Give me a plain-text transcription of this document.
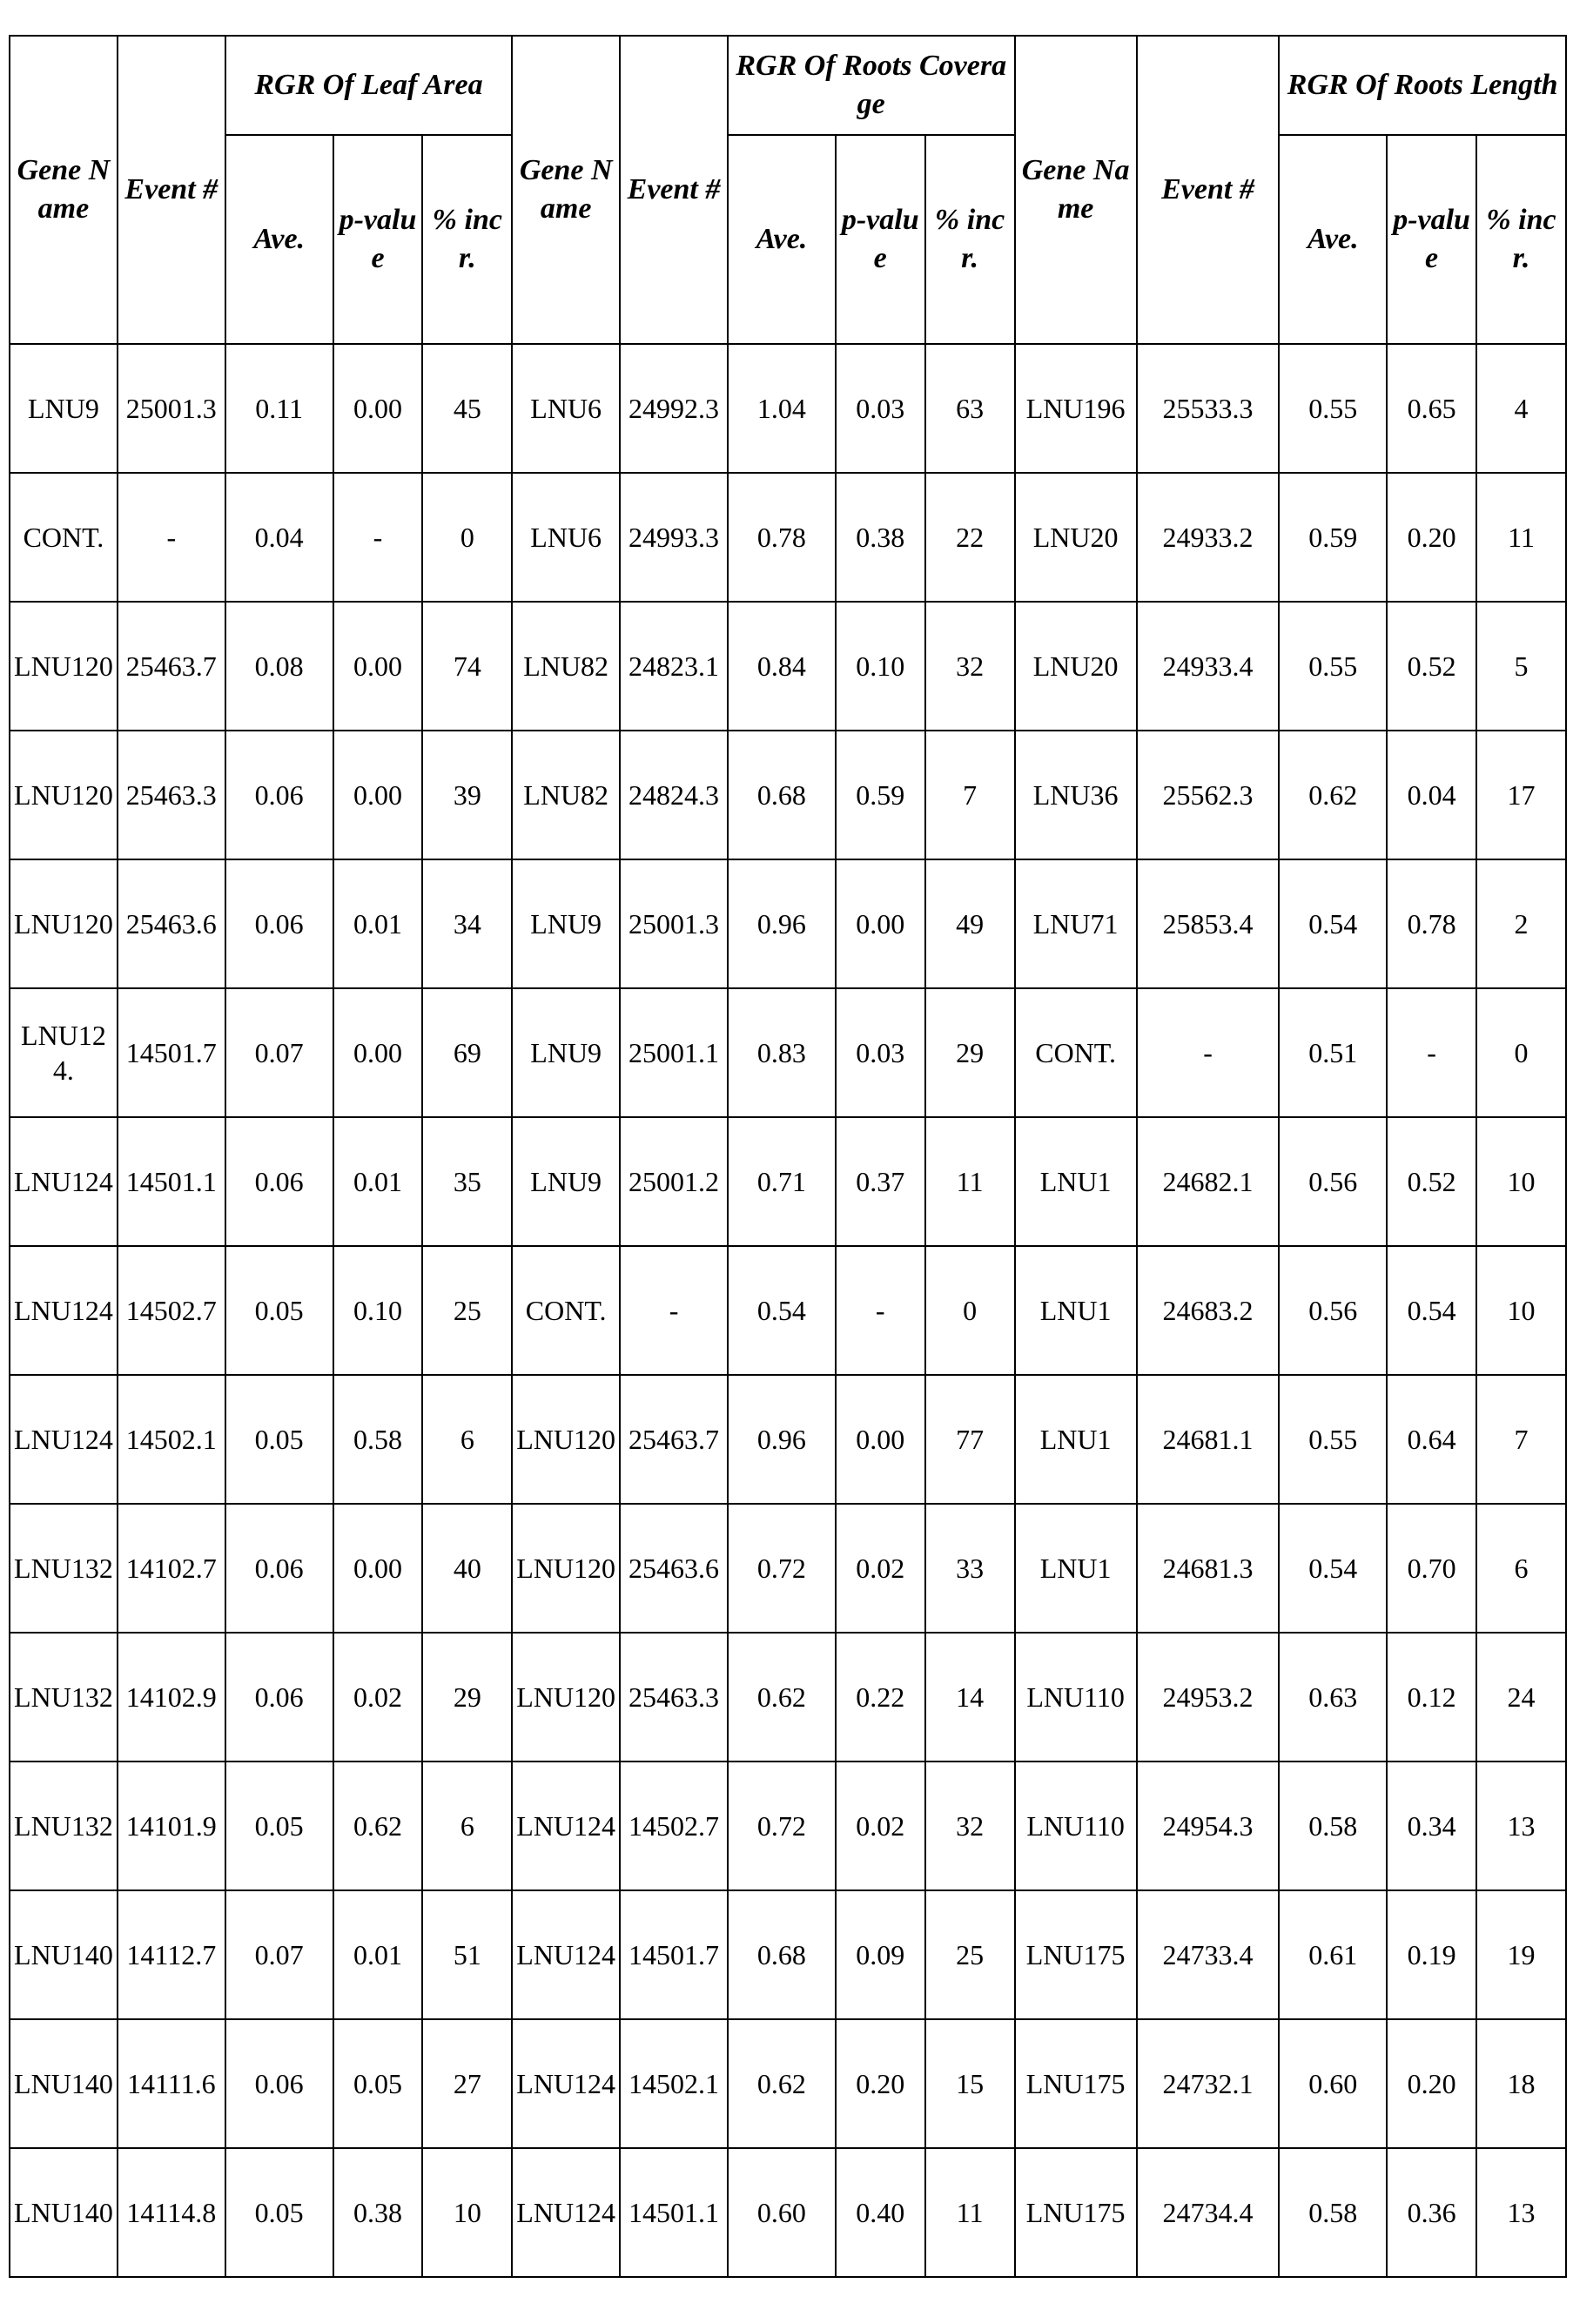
Gene Name	Event #	RGR Of Leaf Area			Gene Name	Event #	RGR Of Roots Coverage			Gene Name	Event #	RGR Of Roots Length		
		Ave.	p-value	% incr.			Ave.	p-value	% incr.			Ave.	p-value	% incr.
LNU9	25001.3	0.11	0.00	45	LNU6	24992.3	1.04	0.03	63	LNU196	25533.3	0.55	0.65	4
CONT.	-	0.04	-	0	LNU6	24993.3	0.78	0.38	22	LNU20	24933.2	0.59	0.20	11
LNU120	25463.7	0.08	0.00	74	LNU82	24823.1	0.84	0.10	32	LNU20	24933.4	0.55	0.52	5
LNU120	25463.3	0.06	0.00	39	LNU82	24824.3	0.68	0.59	7	LNU36	25562.3	0.62	0.04	17
LNU120	25463.6	0.06	0.01	34	LNU9	25001.3	0.96	0.00	49	LNU71	25853.4	0.54	0.78	2
LNU124.	14501.7	0.07	0.00	69	LNU9	25001.1	0.83	0.03	29	CONT.	-	0.51	-	0
LNU124	14501.1	0.06	0.01	35	LNU9	25001.2	0.71	0.37	11	LNU1	24682.1	0.56	0.52	10
LNU124	14502.7	0.05	0.10	25	CONT.	-	0.54	-	0	LNU1	24683.2	0.56	0.54	10
LNU124	14502.1	0.05	0.58	6	LNU120	25463.7	0.96	0.00	77	LNU1	24681.1	0.55	0.64	7
LNU132	14102.7	0.06	0.00	40	LNU120	25463.6	0.72	0.02	33	LNU1	24681.3	0.54	0.70	6
LNU132	14102.9	0.06	0.02	29	LNU120	25463.3	0.62	0.22	14	LNU110	24953.2	0.63	0.12	24
LNU132	14101.9	0.05	0.62	6	LNU124	14502.7	0.72	0.02	32	LNU110	24954.3	0.58	0.34	13
LNU140	14112.7	0.07	0.01	51	LNU124	14501.7	0.68	0.09	25	LNU175	24733.4	0.61	0.19	19
LNU140	14111.6	0.06	0.05	27	LNU124	14502.1	0.62	0.20	15	LNU175	24732.1	0.60	0.20	18
LNU140	14114.8	0.05	0.38	10	LNU124	14501.1	0.60	0.40	11	LNU175	24734.4	0.58	0.36	13
